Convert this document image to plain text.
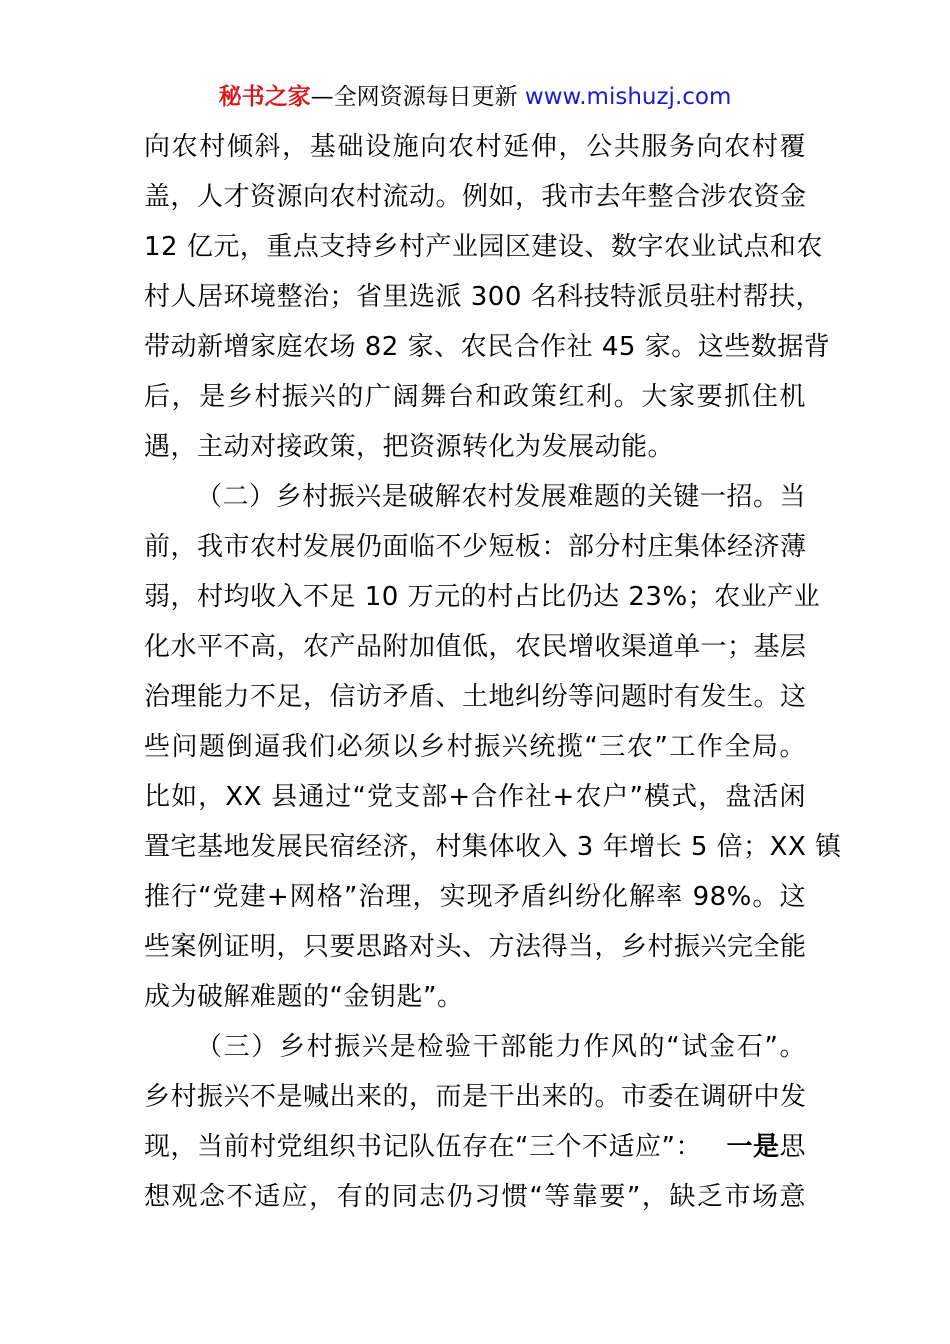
秘书之家—全网资源每日更新 www.mishuzj.com
向农村倾斜，基础设施向农村延伸，公共服务向农村覆
盖，人才资源向农村流动。例如，我市去年整合涉农资金
12 亿元，重点支持乡村产业园区建设、数字农业试点和农
村人居环境整治；省里选派 300 名科技特派员驻村帮扶，
带动新增家庭农场 82 家、农民合作社 45 家。这些数据背
后，是乡村振兴的广阔舞台和政策红利。大家要抓住机
遇，主动对接政策，把资源转化为发展动能。
（二）乡村振兴是破解农村发展难题的关键一招。当
前，我市农村发展仍面临不少短板：部分村庄集体经济薄
弱，村均收入不足 10 万元的村占比仍达 23%；农业产业
化水平不高，农产品附加值低，农民增收渠道单一；基层
治理能力不足，信访矛盾、土地纠纷等问题时有发生。这
些问题倒逼我们必须以乡村振兴统揽“三农”工作全局。
比如，XX 县通过“党支部+合作社+农户”模式，盘活闲
置宅基地发展民宿经济，村集体收入 3 年增长 5 倍；XX 镇
推行“党建+网格”治理，实现矛盾纠纷化解率 98%。这
些案例证明，只要思路对头、方法得当，乡村振兴完全能
成为破解难题的“金钥匙”。
（三）乡村振兴是检验干部能力作风的“试金石”。
乡村振兴不是喊出来的，而是干出来的。市委在调研中发
现，当前村党组织书记队伍存在“三个不适应”： 一是思
想观念不适应，有的同志仍习惯“等靠要”，缺乏市场意
